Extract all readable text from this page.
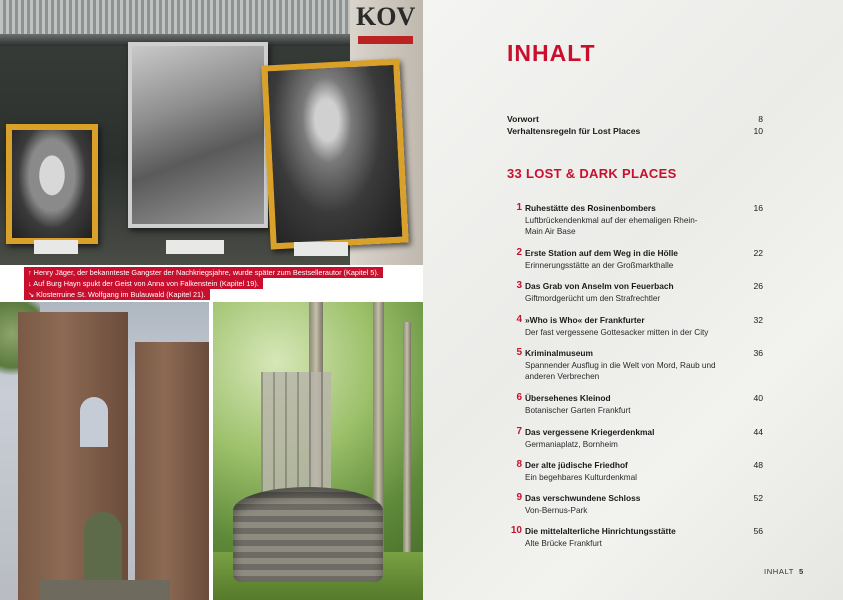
KOV
↑ Henry Jäger, der bekannteste Gangster der Nachkriegsjahre, wurde später zum Bestsellerautor (Kapitel 5).
↓ Auf Burg Hayn spukt der Geist von Anna von Falkenstein (Kapitel 19).
↘ Klosterruine St. Wolfgang im Bulauwald (Kapitel 21).
INHALT
Vorwort	8
Verhaltensregeln für Lost Places	10
33 LOST & DARK PLACES
1 Ruhestätte des Rosinenbombers
Luftbrückendenkmal auf der ehemaligen Rhein-Main Air Base
16
2 Erste Station auf dem Weg in die Hölle
Erinnerungsstätte an der Großmarkthalle
22
3 Das Grab von Anselm von Feuerbach
Giftmordgerücht um den Strafrechtler
26
4 »Who is Who« der Frankfurter
Der fast vergessene Gottesacker mitten in der City
32
5 Kriminalmuseum
Spannender Ausflug in die Welt von Mord, Raub und anderen Verbrechen
36
6 Übersehenes Kleinod
Botanischer Garten Frankfurt
40
7 Das vergessene Kriegerdenkmal
Germaniaplatz, Bornheim
44
8 Der alte jüdische Friedhof
Ein begehbares Kulturdenkmal
48
9 Das verschwundene Schloss
Von-Bernus-Park
52
10 Die mittelalterliche Hinrichtungsstätte
Alte Brücke Frankfurt
56
INHALT 5
